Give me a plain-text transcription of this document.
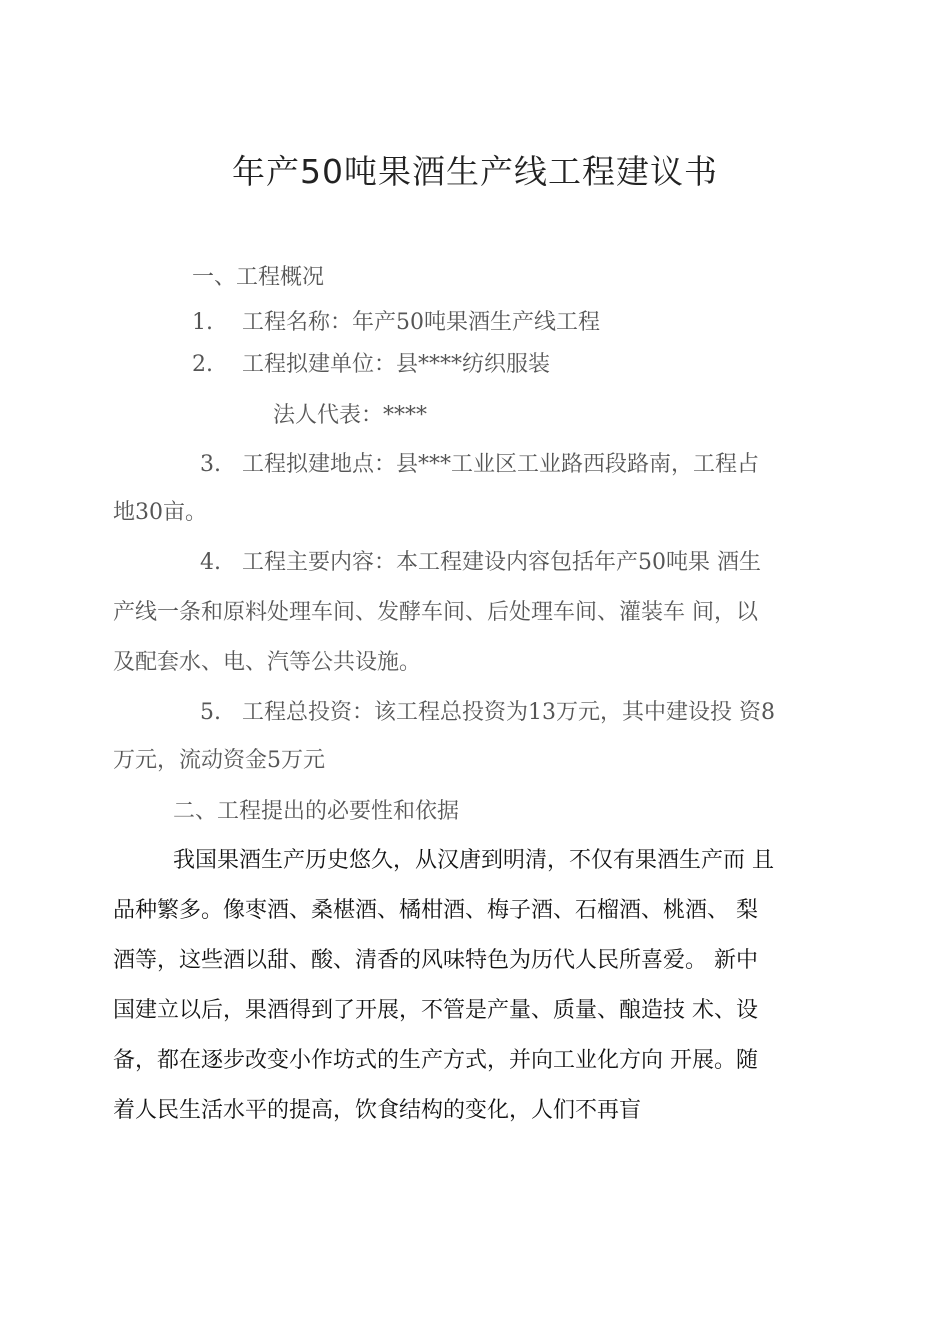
年产50吨果酒生产线工程建议书
一、工程概况
1. 工程名称：年产50吨果酒生产线工程
2. 工程拟建单位：县****纺织服装
法人代表：****
3. 工程拟建地点：县***工业区工业路西段路南，工程占
地30亩。
4. 工程主要内容：本工程建设内容包括年产50吨果 酒生
产线一条和原料处理车间、发酵车间、后处理车间、灌装车 间，以
及配套水、电、汽等公共设施。
5. 工程总投资：该工程总投资为13万元，其中建设投 资8
万元，流动资金5万元
二、工程提出的必要性和依据
我国果酒生产历史悠久，从汉唐到明清，不仅有果酒生产而 且
品种繁多。像枣酒、桑椹酒、橘柑酒、梅子酒、石榴酒、桃酒、 梨
酒等，这些酒以甜、酸、清香的风味特色为历代人民所喜爱。 新中
国建立以后，果酒得到了开展，不管是产量、质量、酿造技 术、设
备，都在逐步改变小作坊式的生产方式，并向工业化方向 开展。随
着人民生活水平的提高，饮食结构的变化，人们不再盲
